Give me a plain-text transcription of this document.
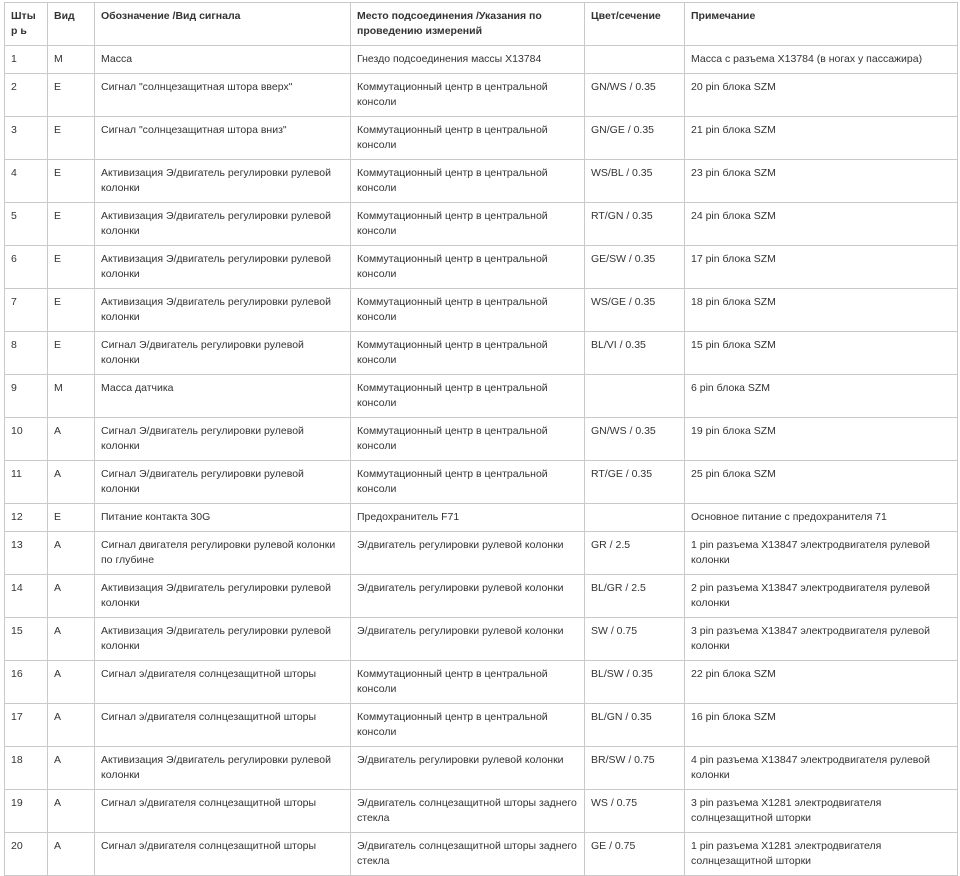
Штыр ь	Вид	Обозначение /Вид сигнала	Место подсоединения /Указания по проведению измерений	Цвет/сечение	Примечание
1	M	Масса	Гнездо подсоединения массы X13784		Масса с разъема X13784 (в ногах у пассажира)
2	E	Сигнал "солнцезащитная штора вверх"	Коммутационный центр в центральной консоли	GN/WS / 0.35	20 pin блока SZM
3	E	Сигнал "солнцезащитная штора вниз"	Коммутационный центр в центральной консоли	GN/GE / 0.35	21 pin блока SZM
4	E	Активизация Э/двигатель регулировки рулевой колонки	Коммутационный центр в центральной консоли	WS/BL / 0.35	23 pin блока SZM
5	E	Активизация Э/двигатель регулировки рулевой колонки	Коммутационный центр в центральной консоли	RT/GN / 0.35	24 pin блока SZM
6	E	Активизация Э/двигатель регулировки рулевой колонки	Коммутационный центр в центральной консоли	GE/SW / 0.35	17 pin блока SZM
7	E	Активизация Э/двигатель регулировки рулевой колонки	Коммутационный центр в центральной консоли	WS/GE / 0.35	18 pin блока SZM
8	E	Сигнал Э/двигатель регулировки рулевой колонки	Коммутационный центр в центральной консоли	BL/VI / 0.35	15 pin блока SZM
9	M	Масса датчика	Коммутационный центр в центральной консоли		6 pin блока SZM
10	A	Сигнал Э/двигатель регулировки рулевой колонки	Коммутационный центр в центральной консоли	GN/WS / 0.35	19 pin блока SZM
11	A	Сигнал Э/двигатель регулировки рулевой колонки	Коммутационный центр в центральной консоли	RT/GE / 0.35	25 pin блока SZM
12	E	Питание контакта 30G	Предохранитель F71		Основное питание с предохранителя 71
13	A	Сигнал двигателя регулировки рулевой колонки по глубине	Э/двигатель регулировки рулевой колонки	GR / 2.5	1 pin разъема X13847 электродвигателя рулевой колонки
14	A	Активизация Э/двигатель регулировки рулевой колонки	Э/двигатель регулировки рулевой колонки	BL/GR / 2.5	2 pin разъема X13847 электродвигателя рулевой колонки
15	A	Активизация Э/двигатель регулировки рулевой колонки	Э/двигатель регулировки рулевой колонки	SW / 0.75	3 pin разъема X13847 электродвигателя рулевой колонки
16	A	Сигнал э/двигателя солнцезащитной шторы	Коммутационный центр в центральной консоли	BL/SW / 0.35	22 pin блока SZM
17	A	Сигнал э/двигателя солнцезащитной шторы	Коммутационный центр в центральной консоли	BL/GN / 0.35	16 pin блока SZM
18	A	Активизация Э/двигатель регулировки рулевой колонки	Э/двигатель регулировки рулевой колонки	BR/SW / 0.75	4 pin разъема X13847 электродвигателя рулевой колонки
19	A	Сигнал э/двигателя солнцезащитной шторы	Э/двигатель солнцезащитной шторы заднего стекла	WS / 0.75	3 pin разъема X1281 электродвигателя солнцезащитной шторки
20	A	Сигнал э/двигателя солнцезащитной шторы	Э/двигатель солнцезащитной шторы заднего стекла	GE / 0.75	1 pin разъема X1281 электродвигателя солнцезащитной шторки
